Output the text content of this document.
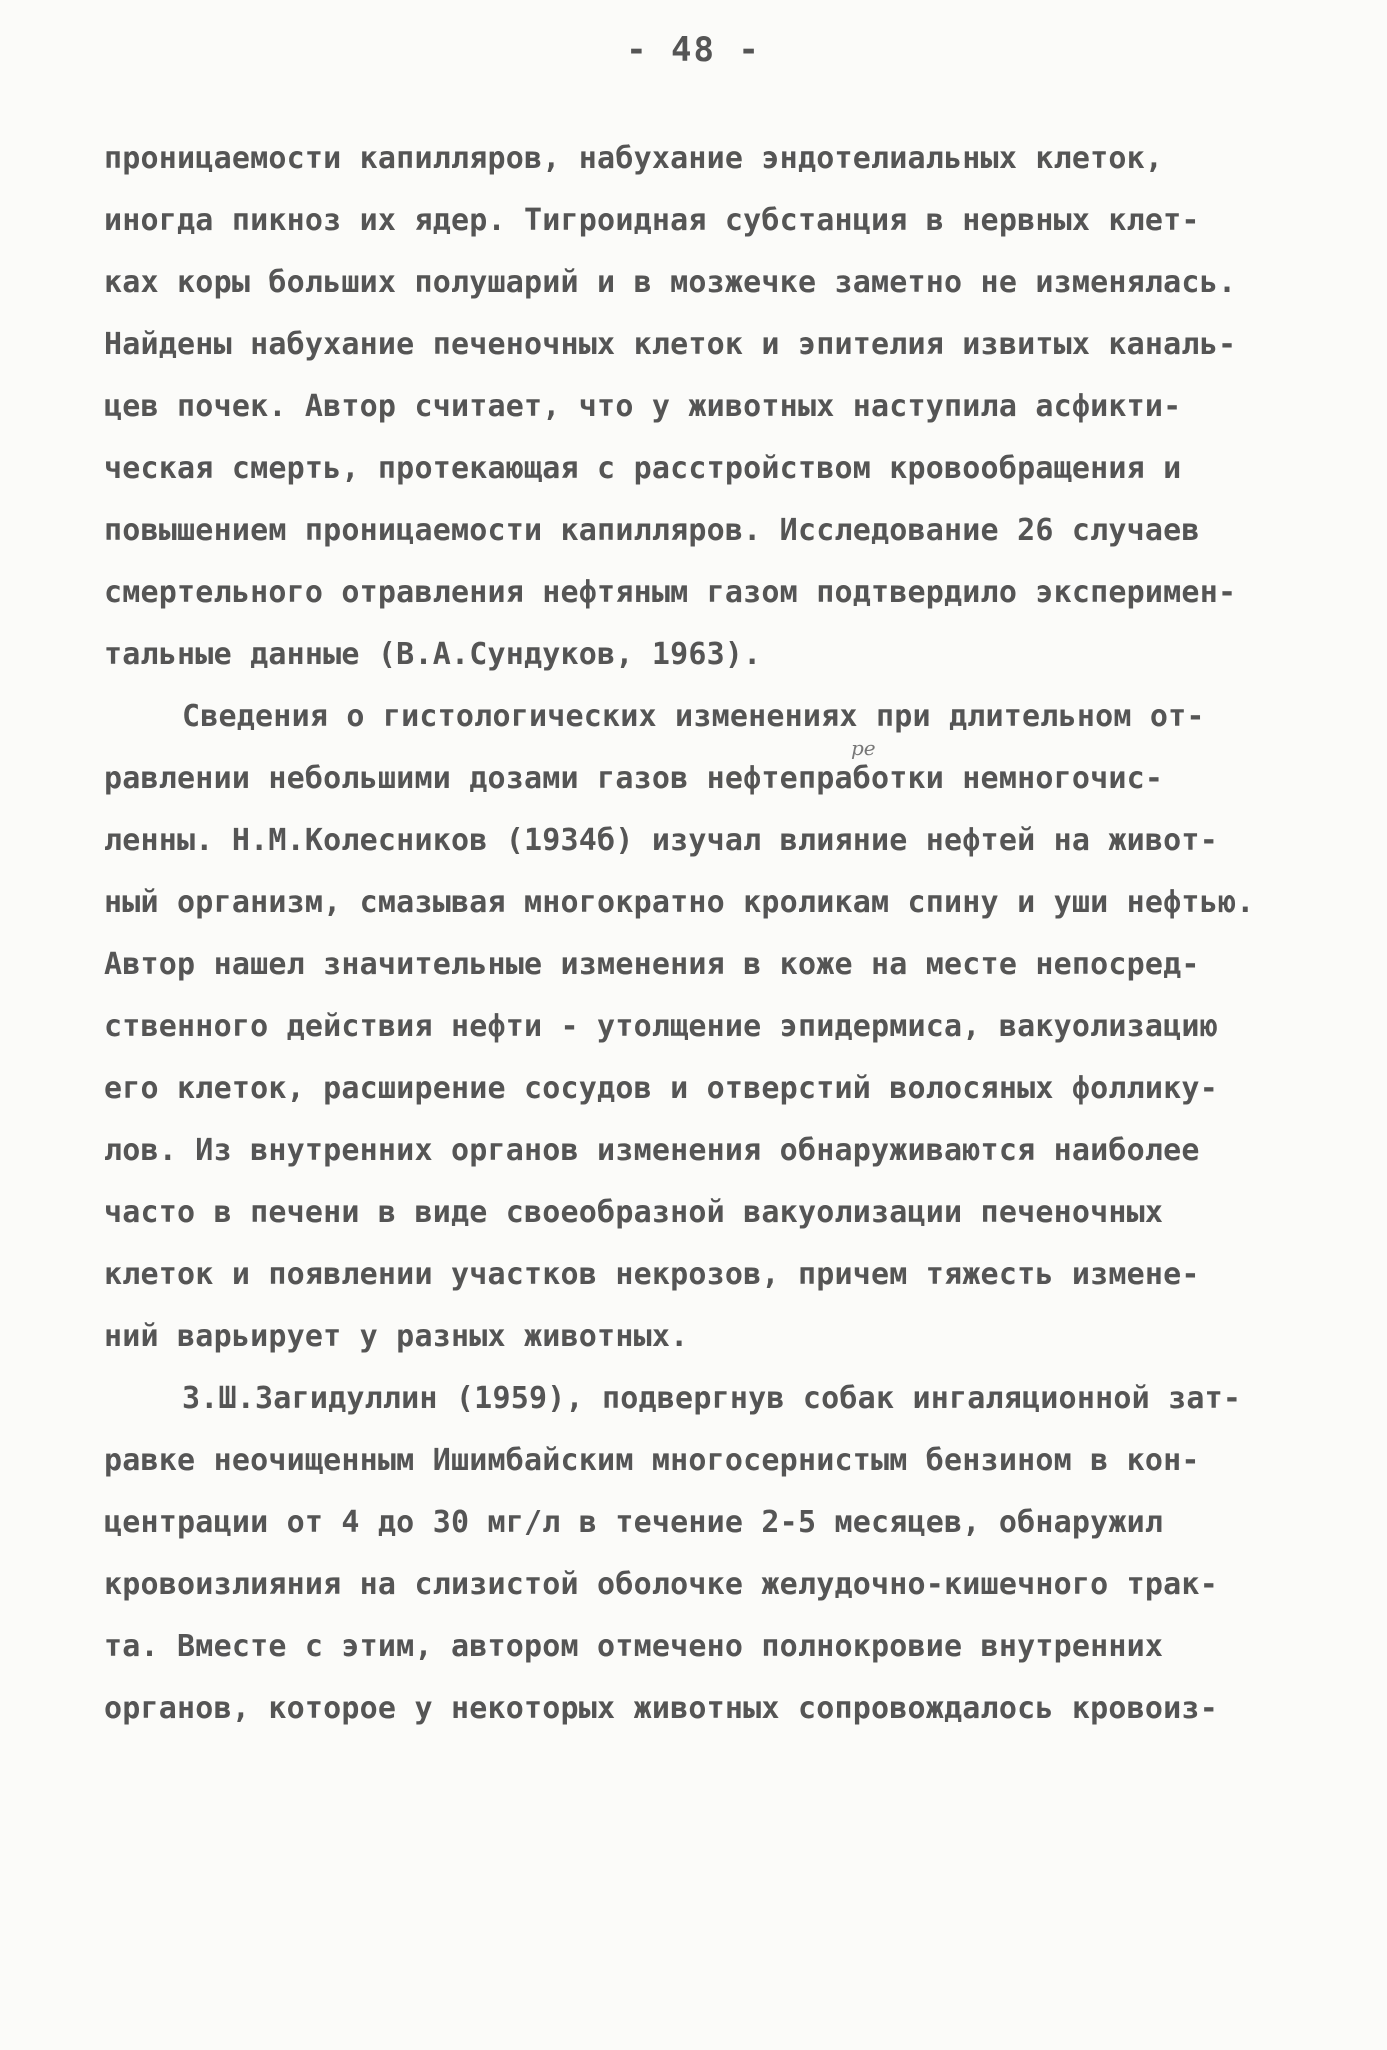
- 48 -
ре
проницаемости капилляров, набухание эндотелиальных клеток,
иногда пикноз их ядер. Тигроидная субстанция в нервных клет-
ках коры больших полушарий и в мозжечке заметно не изменялась.
Найдены набухание печеночных клеток и эпителия извитых каналь-
цев почек. Автор считает, что у животных наступила асфикти-
ческая смерть, протекающая с расстройством кровообращения и
повышением проницаемости капилляров. Исследование 26 случаев
смертельного отравления нефтяным газом подтвердило эксперимен-
тальные данные (В.А.Сундуков, 1963).
Сведения о гистологических изменениях при длительном от-
равлении небольшими дозами газов нефтепработки немногочис-
ленны. Н.М.Колесников (1934б) изучал влияние нефтей на живот-
ный организм, смазывая многократно кроликам спину и уши нефтью.
Автор нашел значительные изменения в коже на месте непосред-
ственного действия нефти - утолщение эпидермиса, вакуолизацию
его клеток, расширение сосудов и отверстий волосяных фоллику-
лов. Из внутренних органов изменения обнаруживаются наиболее
часто в печени в виде своеобразной вакуолизации печеночных
клеток и появлении участков некрозов, причем тяжесть измене-
ний варьирует у разных животных.
З.Ш.Загидуллин (1959), подвергнув собак ингаляционной зат-
равке неочищенным Ишимбайским многосернистым бензином в кон-
центрации от 4 до 30 мг/л в течение 2-5 месяцев, обнаружил
кровоизлияния на слизистой оболочке желудочно-кишечного трак-
та. Вместе с этим, автором отмечено полнокровие внутренних
органов, которое у некоторых животных сопровождалось кровоиз-
